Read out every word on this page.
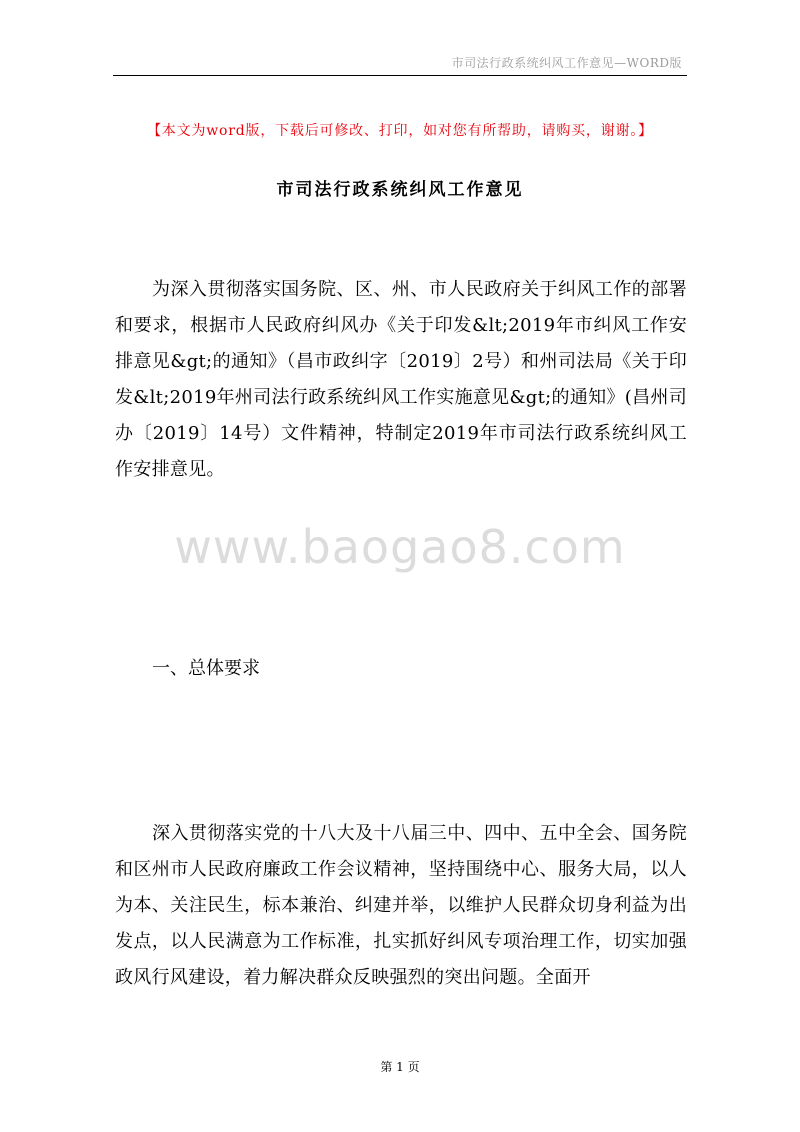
市司法行政系统纠风工作意见—WORD版
【本文为word版，下载后可修改、打印，如对您有所帮助，请购买，谢谢。】
市司法行政系统纠风工作意见
为深入贯彻落实国务院、区、州、市人民政府关于纠风工作的部署和要求，根据市人民政府纠风办《关于印发&lt;2019年市纠风工作安排意见&gt;的通知》（昌市政纠字〔2019〕2号）和州司法局《关于印发&lt;2019年州司法行政系统纠风工作实施意见&gt;的通知》(昌州司办〔2019〕14号）文件精神，特制定2019年市司法行政系统纠风工作安排意见。
www.baogao8.com
一、总体要求
深入贯彻落实党的十八大及十八届三中、四中、五中全会、国务院和区州市人民政府廉政工作会议精神，坚持围绕中心、服务大局，以人为本、关注民生，标本兼治、纠建并举，以维护人民群众切身利益为出发点，以人民满意为工作标准，扎实抓好纠风专项治理工作，切实加强政风行风建设，着力解决群众反映强烈的突出问题。全面开
第 1 页
